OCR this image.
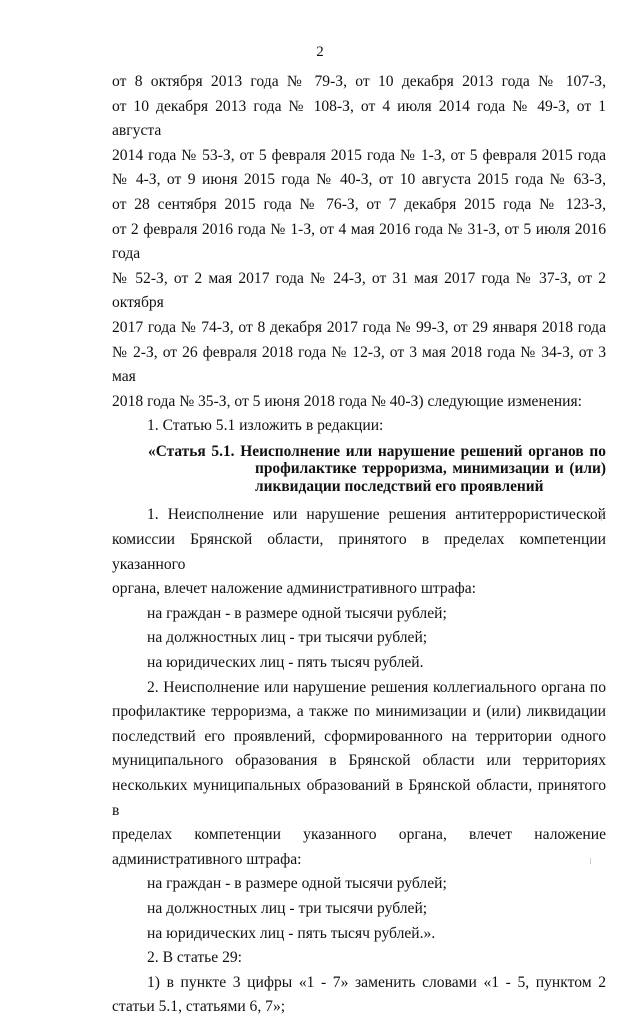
2

от 8 октября 2013 года № 79-З, от 10 декабря 2013 года № 107-З,

от 10 декабря 2013 года № 108-З, от 4 июля 2014 года № 49-З, от 1 августа

2014 года № 53-З, от 5 февраля 2015 года № 1-З, от 5 февраля 2015 года

№ 4-З, от 9 июня 2015 года № 40-З, от 10 августа 2015 года № 63-З,

от 28 сентября 2015 года № 76-З, от 7 декабря 2015 года № 123-З,

от 2 февраля 2016 года № 1-З, от 4 мая 2016 года № 31-З, от 5 июля 2016 года

№ 52-З, от 2 мая 2017 года № 24-З, от 31 мая 2017 года № 37-З, от 2 октября

2017 года № 74-З, от 8 декабря 2017 года № 99-З, от 29 января 2018 года

№ 2-З, от 26 февраля 2018 года № 12-З, от 3 мая 2018 года № 34-З, от 3 мая

2018 года № 35-З, от 5 июня 2018 года № 40-З) следующие изменения:

1. Статью 5.1 изложить в редакции:

«Статья 5.1. Неисполнение или нарушение решений органов по профилактике терроризма, минимизации и (или) ликвидации последствий его проявлений

1. Неисполнение или нарушение решения антитеррористической

комиссии Брянской области, принятого в пределах компетенции указанного

органа, влечет наложение административного штрафа:

на граждан - в размере одной тысячи рублей;

на должностных лиц - три тысячи рублей;

на юридических лиц - пять тысяч рублей.

2. Неисполнение или нарушение решения коллегиального органа по

профилактике терроризма, а также по минимизации и (или) ликвидации

последствий его проявлений, сформированного на территории одного

муниципального образования в Брянской области или территориях

нескольких муниципальных образований в Брянской области, принятого в

пределах компетенции указанного органа, влечет наложение

административного штрафа:

на граждан - в размере одной тысячи рублей;

на должностных лиц - три тысячи рублей;

на юридических лиц - пять тысяч рублей.».

2. В статье 29:

1) в пункте 3 цифры «1 - 7» заменить словами «1 - 5, пунктом 2

статьи 5.1, статьями 6, 7»;
